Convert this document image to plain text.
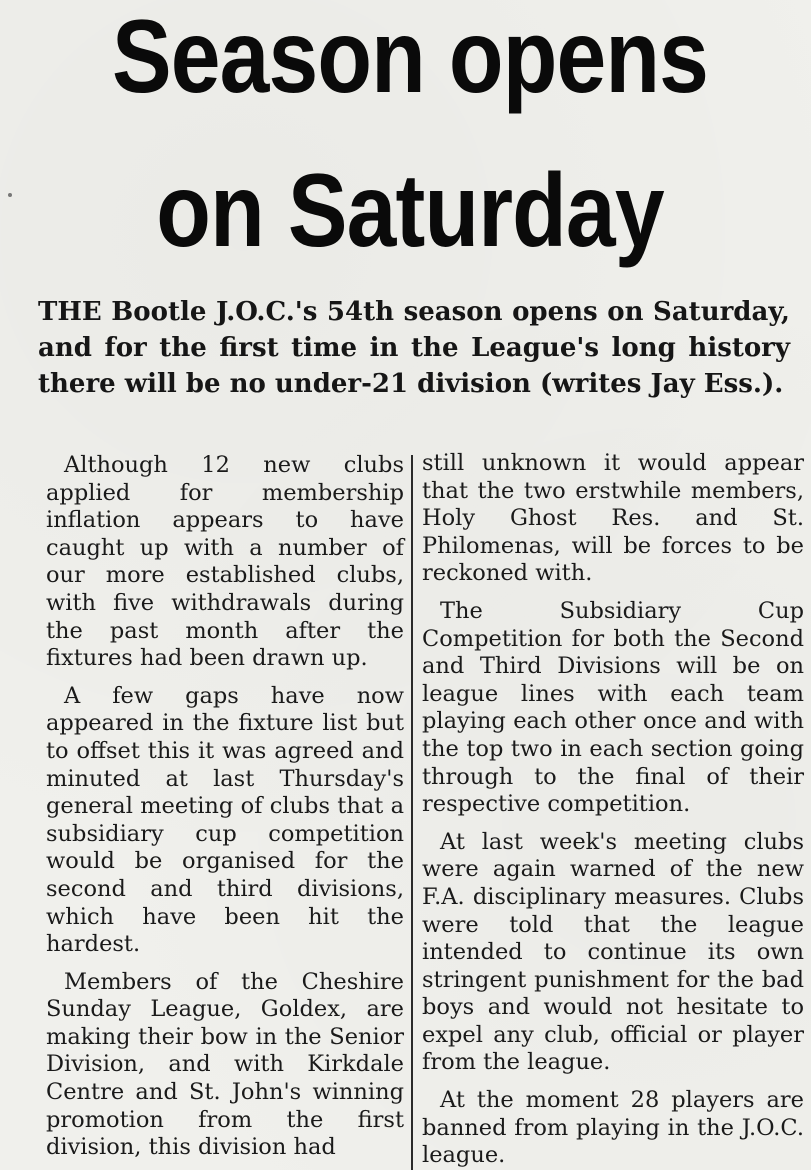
Season opens
on Saturday

THE Bootle J.O.C.'s 54th season opens on Saturday, and for the first time in the League's long history there will be no under-21 division (writes Jay Ess.).

Although 12 new clubs applied for membership inflation appears to have caught up with a number of our more established clubs, with five withdrawals during the past month after the fixtures had been drawn up.

A few gaps have now appeared in the fixture list but to offset this it was agreed and minuted at last Thursday's general meeting of clubs that a subsidiary cup competition would be organised for the second and third divisions, which have been hit the hardest.

Members of the Cheshire Sunday League, Goldex, are making their bow in the Senior Division, and with Kirkdale Centre and St. John's winning promotion from the first division, this division had

still unknown it would appear that the two erstwhile members, Holy Ghost Res. and St. Philomenas, will be forces to be reckoned with.

The Subsidiary Cup Competition for both the Second and Third Divisions will be on league lines with each team playing each other once and with the top two in each section going through to the final of their respective competition.

At last week's meeting clubs were again warned of the new F.A. disciplinary measures. Clubs were told that the league intended to continue its own stringent punishment for the bad boys and would not hesitate to expel any club, official or player from the league.

At the moment 28 players are banned from playing in the J.O.C. league.
